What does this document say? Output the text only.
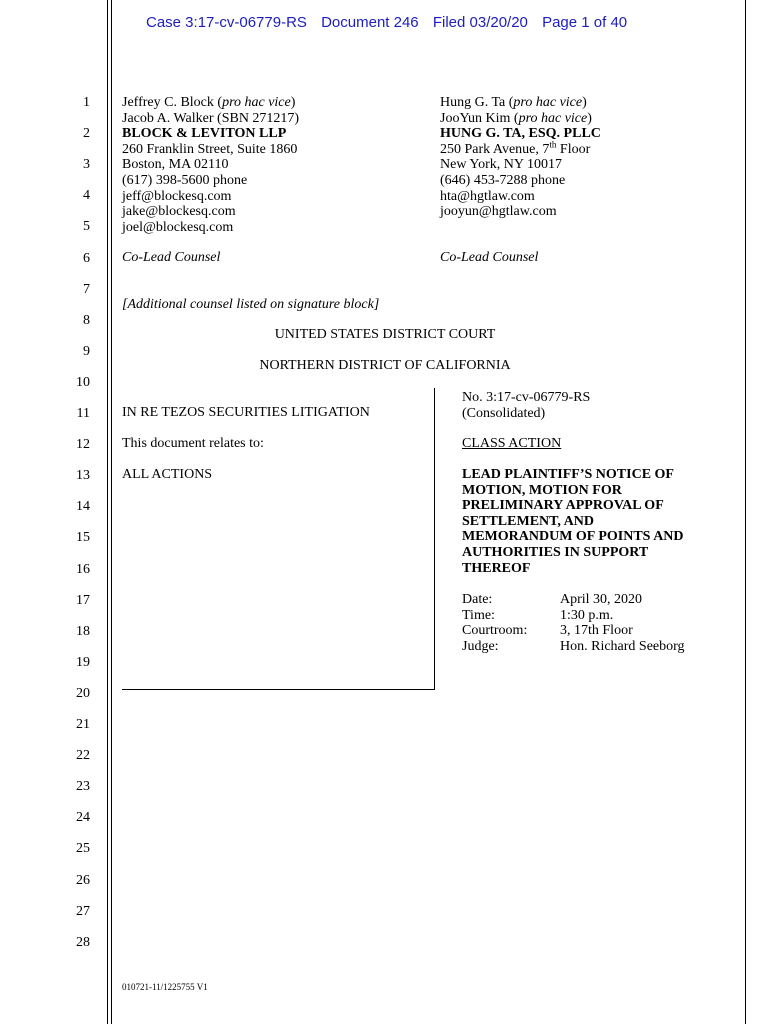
Case 3:17-cv-06779-RS Document 246 Filed 03/20/20 Page 1 of 40
1
2
3
4
5
6
7
8
9
10
11
12
13
14
15
16
17
18
19
20
21
22
23
24
25
26
27
28
Jeffrey C. Block (pro hac vice)
Jacob A. Walker (SBN 271217)
BLOCK & LEVITON LLP
260 Franklin Street, Suite 1860
Boston, MA 02110
(617) 398-5600 phone
jeff@blockesq.com
jake@blockesq.com
joel@blockesq.com
Co-Lead Counsel
Hung G. Ta (pro hac vice)
JooYun Kim (pro hac vice)
HUNG G. TA, ESQ. PLLC
250 Park Avenue, 7th Floor
New York, NY 10017
(646) 453-7288 phone
hta@hgtlaw.com
jooyun@hgtlaw.com
Co-Lead Counsel
[Additional counsel listed on signature block]
UNITED STATES DISTRICT COURT
NORTHERN DISTRICT OF CALIFORNIA
IN RE TEZOS SECURITIES LITIGATION
This document relates to:
ALL ACTIONS
No. 3:17-cv-06779-RS
(Consolidated)
CLASS ACTION
LEAD PLAINTIFF’S NOTICE OF
MOTION, MOTION FOR
PRELIMINARY APPROVAL OF
SETTLEMENT, AND
MEMORANDUM OF POINTS AND
AUTHORITIES IN SUPPORT
THEREOF
Date:	April 30, 2020
Time:	1:30 p.m.
Courtroom:	3, 17th Floor
Judge:	Hon. Richard Seeborg
010721-11/1225755 V1
